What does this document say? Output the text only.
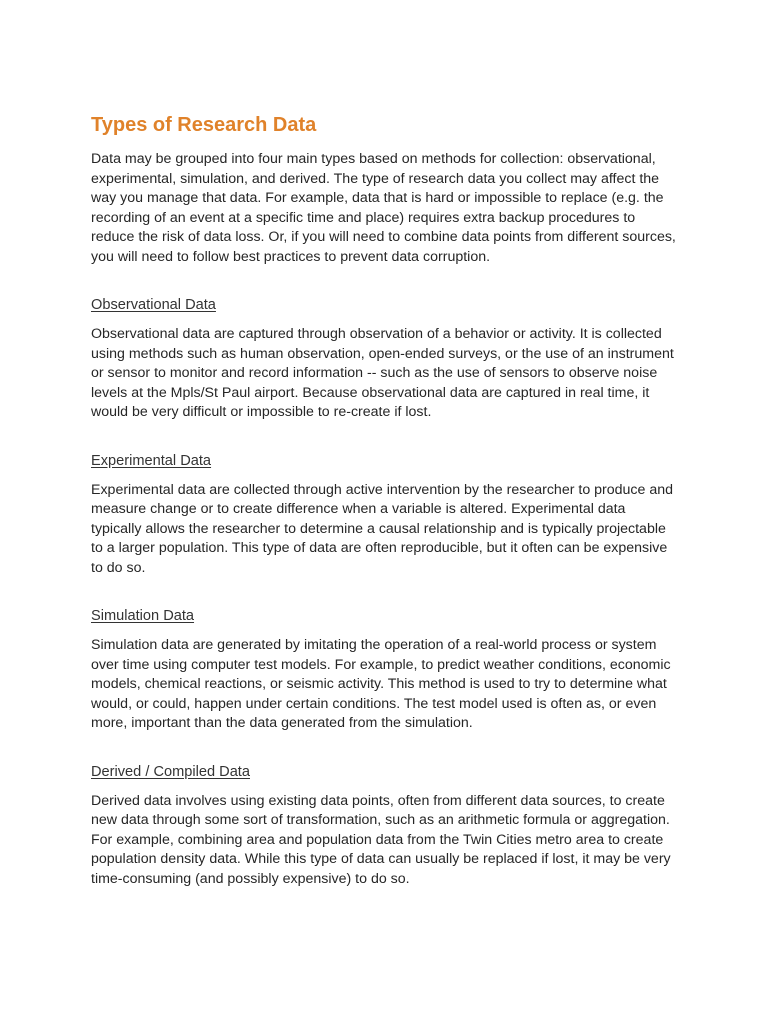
Types of Research Data

Data may be grouped into four main types based on methods for collection: observational, experimental, simulation, and derived. The type of research data you collect may affect the way you manage that data. For example, data that is hard or impossible to replace (e.g. the recording of an event at a specific time and place) requires extra backup procedures to reduce the risk of data loss. Or, if you will need to combine data points from different sources, you will need to follow best practices to prevent data corruption.

Observational Data

Observational data are captured through observation of a behavior or activity. It is collected using methods such as human observation, open-ended surveys, or the use of an instrument or sensor to monitor and record information -- such as the use of sensors to observe noise levels at the Mpls/St Paul airport. Because observational data are captured in real time, it would be very difficult or impossible to re-create if lost.

Experimental Data

Experimental data are collected through active intervention by the researcher to produce and measure change or to create difference when a variable is altered. Experimental data typically allows the researcher to determine a causal relationship and is typically projectable to a larger population. This type of data are often reproducible, but it often can be expensive to do so.

Simulation Data

Simulation data are generated by imitating the operation of a real-world process or system over time using computer test models. For example, to predict weather conditions, economic models, chemical reactions, or seismic activity. This method is used to try to determine what would, or could, happen under certain conditions. The test model used is often as, or even more, important than the data generated from the simulation.

Derived / Compiled Data

Derived data involves using existing data points, often from different data sources, to create new data through some sort of transformation, such as an arithmetic formula or aggregation. For example, combining area and population data from the Twin Cities metro area to create population density data. While this type of data can usually be replaced if lost, it may be very time-consuming (and possibly expensive) to do so.
